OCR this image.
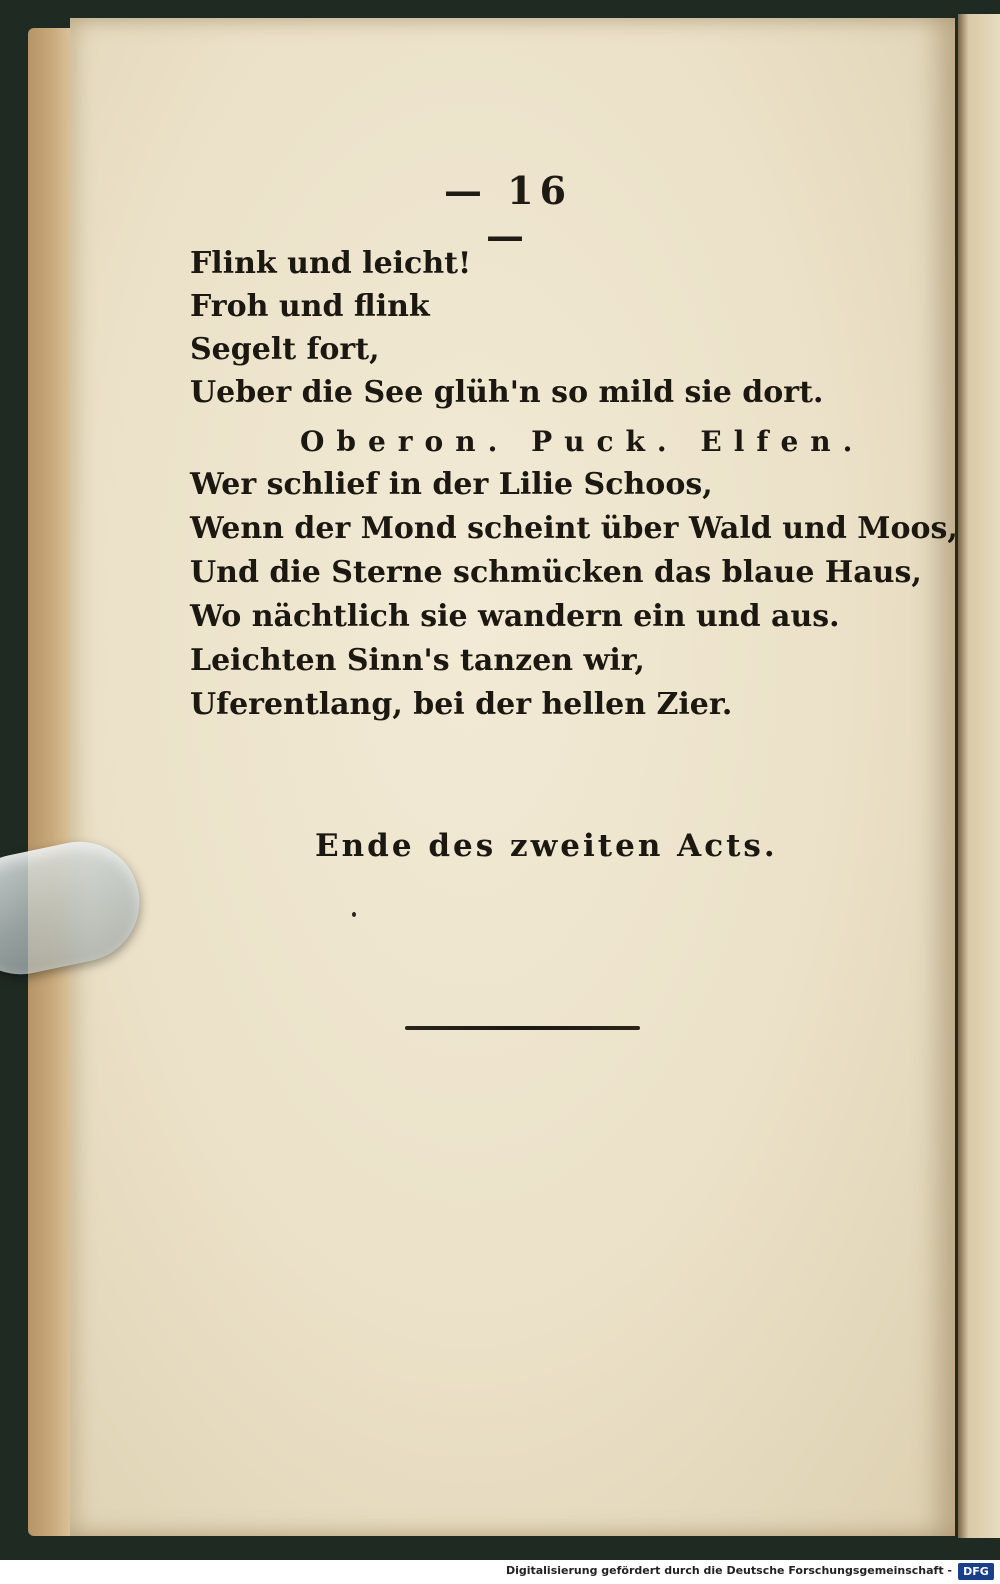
— 16 —
Flink und leicht!
Froh und flink
Segelt fort,
Ueber die See glüh'n so mild sie dort.
Oberon. Puck. Elfen.
Wer schlief in der Lilie Schoos,
Wenn der Mond scheint über Wald und Moos,
Und die Sterne schmücken das blaue Haus,
Wo nächtlich sie wandern ein und aus.
Leichten Sinn's tanzen wir,
Uferentlang, bei der hellen Zier.
Ende des zweiten Acts.
Digitalisierung gefördert durch die Deutsche Forschungsgemeinschaft -	DFG
